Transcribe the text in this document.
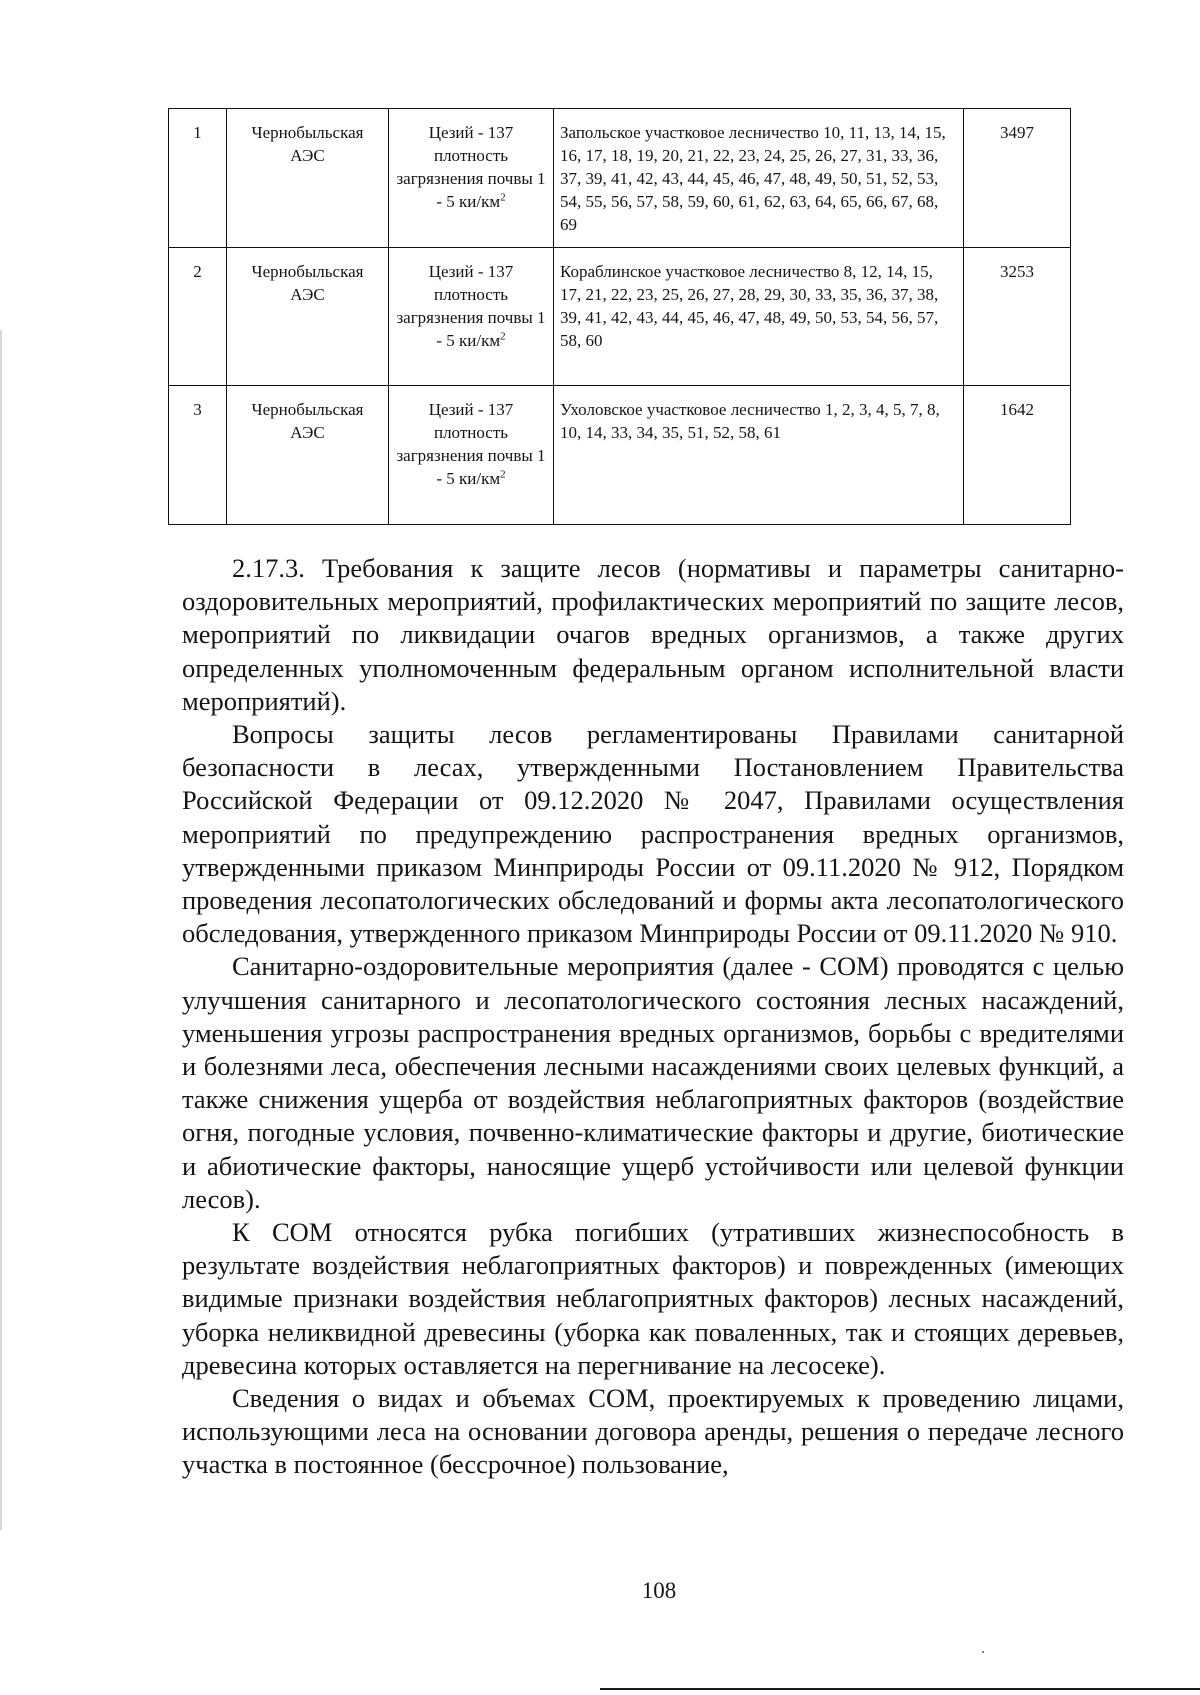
1	Чернобыльская АЭС	Цезий - 137 плотность загрязнения почвы 1 - 5 $ки/км^2$	Запольское участковое лесничество 10, 11, 13, 14, 15, 16, 17, 18, 19, 20, 21, 22, 23, 24, 25, 26, 27, 31, 33, 36, 37, 39, 41, 42, 43, 44, 45, 46, 47, 48, 49, 50, 51, 52, 53, 54, 55, 56, 57, 58, 59, 60, 61, 62, 63, 64, 65, 66, 67, 68, 69	3497
2	Чернобыльская АЭС	Цезий - 137 плотность загрязнения почвы 1 - 5 $ки/км^2$	Кораблинское участковое лесничество 8, 12, 14, 15, 17, 21, 22, 23, 25, 26, 27, 28, 29, 30, 33, 35, 36, 37, 38, 39, 41, 42, 43, 44, 45, 46, 47, 48, 49, 50, 53, 54, 56, 57, 58, 60	3253
3	Чернобыльская АЭС	Цезий - 137 плотность загрязнения почвы 1 - 5 $ки/км^2$	Ухоловское участковое лесничество 1, 2, 3, 4, 5, 7, 8, 10, 14, 33, 34, 35, 51, 52, 58, 61	1642

2.17.3. Требования к защите лесов (нормативы и параметры санитарно-оздоровительных мероприятий, профилактических мероприятий по защите лесов, мероприятий по ликвидации очагов вредных организмов, а также других определенных уполномоченным федеральным органом исполнительной власти мероприятий).

Вопросы защиты лесов регламентированы Правилами санитарной безопасности в лесах, утвержденными Постановлением Правительства Российской Федерации от 09.12.2020 № 2047, Правилами осуществления мероприятий по предупреждению распространения вредных организмов, утвержденными приказом Минприроды России от 09.11.2020 № 912, Порядком проведения лесопатологических обследований и формы акта лесопатологического обследования, утвержденного приказом Минприроды России от 09.11.2020 № 910.

Санитарно-оздоровительные мероприятия (далее - СОМ) проводятся с целью улучшения санитарного и лесопатологического состояния лесных насаждений, уменьшения угрозы распространения вредных организмов, борьбы с вредителями и болезнями леса, обеспечения лесными насаждениями своих целевых функций, а также снижения ущерба от воздействия неблагоприятных факторов (воздействие огня, погодные условия, почвенно-климатические факторы и другие, биотические и абиотические факторы, наносящие ущерб устойчивости или целевой функции лесов).

К СОМ относятся рубка погибших (утративших жизнеспособность в результате воздействия неблагоприятных факторов) и поврежденных (имеющих видимые признаки воздействия неблагоприятных факторов) лесных насаждений, уборка неликвидной древесины (уборка как поваленных, так и стоящих деревьев, древесина которых оставляется на перегнивание на лесосеке).

Сведения о видах и объемах СОМ, проектируемых к проведению лицами, использующими леса на основании договора аренды, решения о передаче лесного участка в постоянное (бессрочное) пользование,

108
